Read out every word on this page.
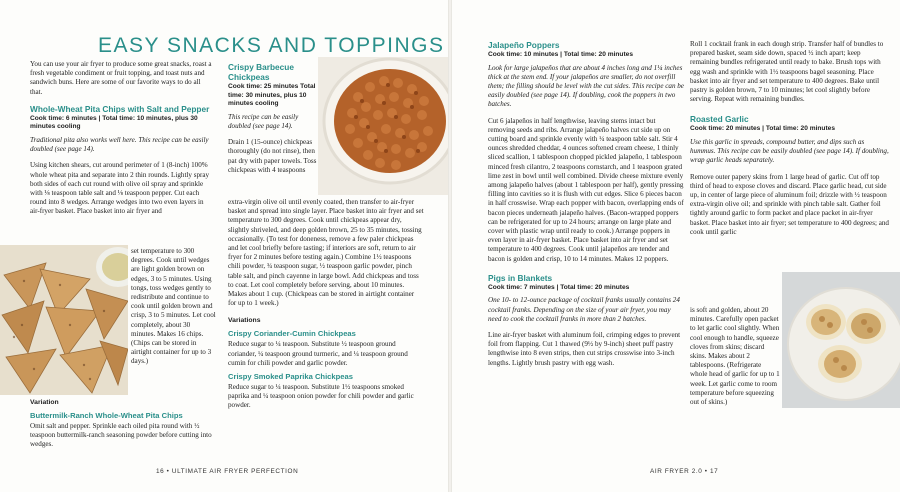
EASY SNACKS AND TOPPINGS

You can use your air fryer to produce some great snacks, roast a fresh vegetable condiment or fruit topping, and toast nuts and sandwich buns. Here are some of our favorite ways to do all that.

Whole-Wheat Pita Chips with Salt and Pepper

Cook time: 6 minutes | Total time: 10 minutes, plus 30 minutes cooling

Traditional pita also works well here. This recipe can be easily doubled (see page 14).

Using kitchen shears, cut around perimeter of 1 (8-inch) 100% whole wheat pita and separate into 2 thin rounds. Lightly spray both sides of each cut round with olive oil spray and sprinkle with ⅛ teaspoon table salt and ⅛ teaspoon pepper. Cut each round into 8 wedges. Arrange wedges into two even layers in air-fryer basket. Place basket into air fryer and

set temperature to 300 degrees. Cook until wedges are light golden brown on edges, 3 to 5 minutes. Using tongs, toss wedges gently to redistribute and continue to cook until golden brown and crisp, 3 to 5 minutes. Let cool completely, about 30 minutes. Makes 16 chips. (Chips can be stored in airtight container for up to 3 days.)

Variation

Buttermilk-Ranch Whole-Wheat Pita Chips

Omit salt and pepper. Sprinkle each oiled pita round with ½ teaspoon buttermilk-ranch seasoning powder before cutting into wedges.

Crispy Barbecue Chickpeas

Cook time: 25 minutes Total time: 30 minutes, plus 10 minutes cooling

This recipe can be easily doubled (see page 14).

Drain 1 (15-ounce) chickpeas thoroughly (do not rinse), then pat dry with paper towels. Toss chickpeas with 4 teaspoons

extra-virgin olive oil until evenly coated, then transfer to air-fryer basket and spread into single layer. Place basket into air fryer and set temperature to 300 degrees. Cook until chickpeas appear dry, slightly shriveled, and deep golden brown, 25 to 35 minutes, tossing occasionally. (To test for doneness, remove a few paler chickpeas and let cool briefly before tasting; if interiors are soft, return to air fryer for 2 minutes before testing again.) Combine 1½ teaspoons chili powder, ¾ teaspoon sugar, ½ teaspoon garlic powder, pinch table salt, and pinch cayenne in large bowl. Add chickpeas and toss to coat. Let cool completely before serving, about 10 minutes. Makes about 1 cup. (Chickpeas can be stored in airtight container for up to 1 week.)

Variations

Crispy Coriander-Cumin Chickpeas

Reduce sugar to ¼ teaspoon. Substitute ½ teaspoon ground coriander, ¼ teaspoon ground turmeric, and ¼ teaspoon ground cumin for chili powder and garlic powder.

Crispy Smoked Paprika Chickpeas

Reduce sugar to ¼ teaspoon. Substitute 1½ teaspoons smoked paprika and ¼ teaspoon onion powder for chili powder and garlic powder.

16 • ULTIMATE AIR FRYER PERFECTION
Jalapeño Poppers

Cook time: 10 minutes | Total time: 20 minutes

Look for large jalapeños that are about 4 inches long and 1¼ inches thick at the stem end. If your jalapeños are smaller, do not overfill them; the filling should be level with the cut sides. This recipe can be easily doubled (see page 14). If doubling, cook the poppers in two batches.

Cut 6 jalapeños in half lengthwise, leaving stems intact but removing seeds and ribs. Arrange jalapeño halves cut side up on cutting board and sprinkle evenly with ¼ teaspoon table salt. Stir 4 ounces shredded cheddar, 4 ounces softened cream cheese, 1 thinly sliced scallion, 1 tablespoon chopped pickled jalapeño, 1 tablespoon minced fresh cilantro, 2 teaspoons cornstarch, and 1 teaspoon grated lime zest in bowl until well combined. Divide cheese mixture evenly among jalapeño halves (about 1 tablespoon per half), gently pressing filling into cavities so it is flush with cut edges. Slice 6 pieces bacon in half crosswise. Wrap each popper with bacon, overlapping ends of bacon pieces underneath jalapeño halves. (Bacon-wrapped poppers can be refrigerated for up to 24 hours; arrange on large plate and cover with plastic wrap until ready to cook.) Arrange poppers in even layer in air-fryer basket. Place basket into air fryer and set temperature to 400 degrees. Cook until jalapeños are tender and bacon is golden and crisp, 10 to 14 minutes. Makes 12 poppers.

Pigs in Blankets

Cook time: 7 minutes | Total time: 20 minutes

One 10- to 12-ounce package of cocktail franks usually contains 24 cocktail franks. Depending on the size of your air fryer, you may need to cook the cocktail franks in more than 2 batches.

Line air-fryer basket with aluminum foil, crimping edges to prevent foil from flapping. Cut 1 thawed (9½ by 9-inch) sheet puff pastry lengthwise into 8 even strips, then cut strips crosswise into 3-inch lengths. Lightly brush pastry with egg wash.

Roll 1 cocktail frank in each dough strip. Transfer half of bundles to prepared basket, seam side down, spaced ½ inch apart; keep remaining bundles refrigerated until ready to bake. Brush tops with egg wash and sprinkle with 1½ teaspoons bagel seasoning. Place basket into air fryer and set temperature to 400 degrees. Bake until pastry is golden brown, 7 to 10 minutes; let cool slightly before serving. Repeat with remaining bundles.

Roasted Garlic

Cook time: 20 minutes | Total time: 20 minutes

Use this garlic in spreads, compound butter, and dips such as hummus. This recipe can be easily doubled (see page 14). If doubling, wrap garlic heads separately.

Remove outer papery skins from 1 large head of garlic. Cut off top third of head to expose cloves and discard. Place garlic head, cut side up, in center of large piece of aluminum foil; drizzle with ½ teaspoon extra-virgin olive oil; and sprinkle with pinch table salt. Gather foil tightly around garlic to form packet and place packet in air-fryer basket. Place basket into air fryer; set temperature to 400 degrees; and cook until garlic

is soft and golden, about 20 minutes. Carefully open packet to let garlic cool slightly. When cool enough to handle, squeeze cloves from skins; discard skins. Makes about 2 tablespoons. (Refrigerate whole head of garlic for up to 1 week. Let garlic come to room temperature before squeezing out of skins.)

AIR FRYER 2.0 • 17
